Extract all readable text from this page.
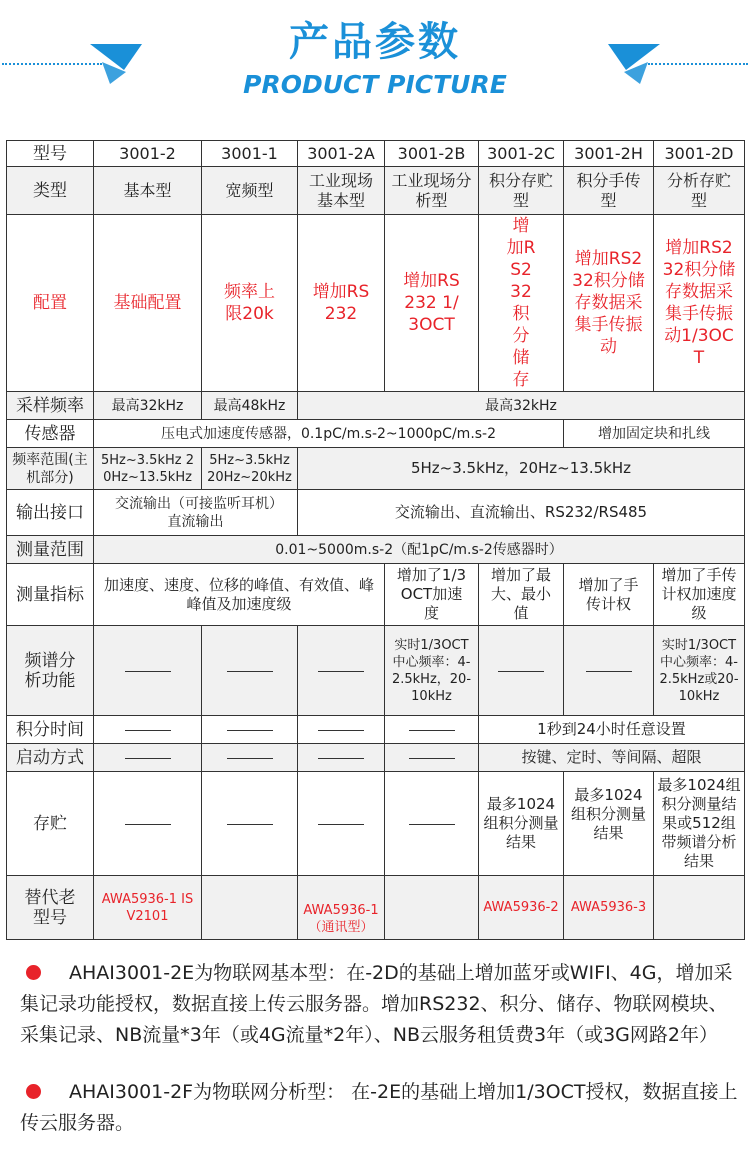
产品参数
PRODUCT PICTURE
型号	3001-2	3001-1	3001-2A	3001-2B	3001-2C	3001-2H	3001-2D
类型	基本型	宽频型	工业现场基本型	工业现场分析型	积分存贮型	积分手传型	分析存贮型
配置	基础配置	频率上限20k	增加RS232	增加RS232 1/3OCT	增加RS232积分储存	增加RS232积分储存数据采集手传振动	增加RS232积分储存数据采集手传振动1/3OCT
采样频率	最高32kHz	最高48kHz	最高32kHz				
传感器	压电式加速度传感器，0.1pC/m.s-2~1000pC/m.s-2					增加固定块和扎线	
频率范围(主机部分)	5Hz~3.5kHz 20Hz~13.5kHz	5Hz~3.5kHz 20Hz~20kHz	5Hz~3.5kHz，20Hz~13.5kHz				
输出接口	交流输出（可接监听耳机）直流输出		交流输出、直流输出、RS232/RS485				
测量范围	0.01~5000m.s-2（配1pC/m.s-2传感器时）						
测量指标	加速度、速度、位移的峰值、有效值、峰峰值及加速度级			增加了1/3 OCT加速度	增加了最大、最小值	增加了手传计权	增加了手传计权加速度级
频谱分析功能				实时1/3OCT中心频率：4-2.5kHz，20-10kHz			实时1/3OCT中心频率：4-2.5kHz或20-10kHz
积分时间					1秒到24小时任意设置		
启动方式					按键、定时、等间隔、超限		
存贮					最多1024组积分测量结果	最多1024组积分测量结果	最多1024组积分测量结果或512组带频谱分析结果
替代老型号	AWA5936-1 ISV2101		AWA5936-1（通讯型）		AWA5936-2	AWA5936-3	
AHAI3001-2E为物联网基本型：在-2D的基础上增加蓝牙或WIFI、4G，增加采集记录功能授权，数据直接上传云服务器。增加RS232、积分、储存、物联网模块、采集记录、NB流量*3年（或4G流量*2年）、NB云服务租赁费3年（或3G网路2年）
AHAI3001-2F为物联网分析型： 在-2E的基础上增加1/3OCT授权，数据直接上传云服务器。
